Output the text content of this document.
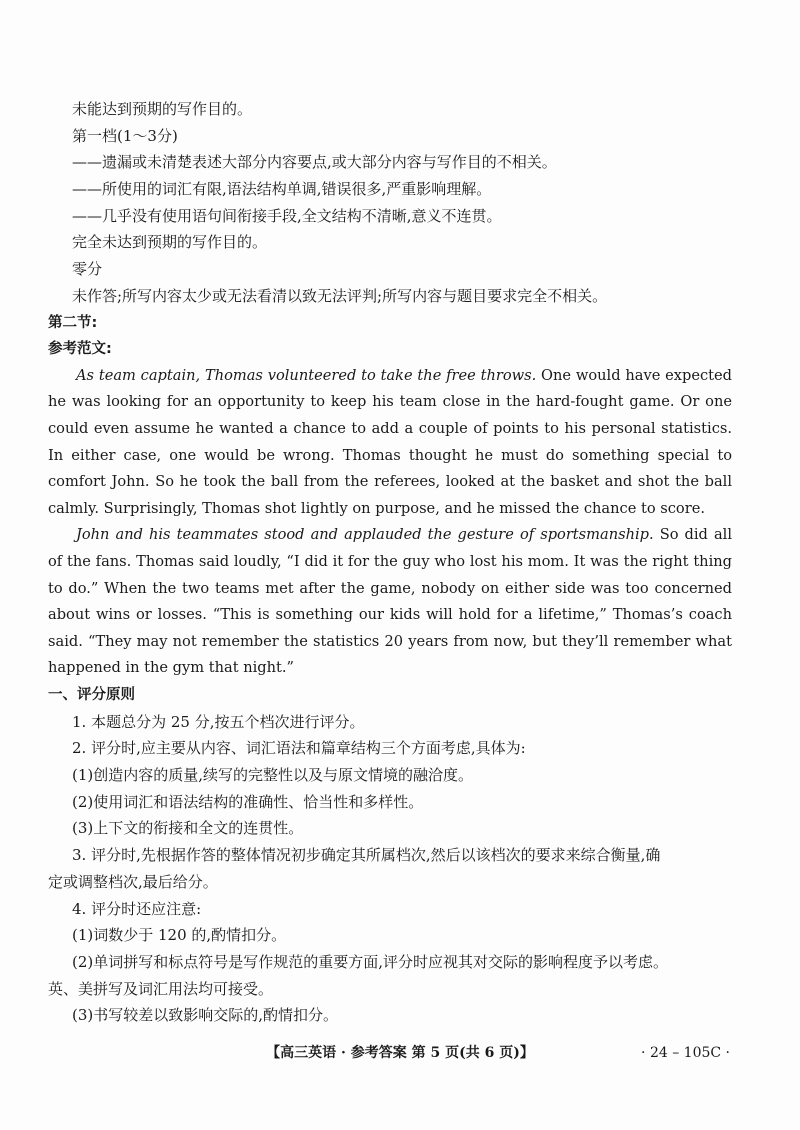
未能达到预期的写作目的。
第一档(1～3分)
——遗漏或未清楚表述大部分内容要点,或大部分内容与写作目的不相关。
——所使用的词汇有限,语法结构单调,错误很多,严重影响理解。
——几乎没有使用语句间衔接手段,全文结构不清晰,意义不连贯。
完全未达到预期的写作目的。
零分
未作答;所写内容太少或无法看清以致无法评判;所写内容与题目要求完全不相关。
第二节:
参考范文:

As team captain, Thomas volunteered to take the free throws. One would have expected he was looking for an opportunity to keep his team close in the hard-fought game. Or one could even assume he wanted a chance to add a couple of points to his personal statistics. In either case, one would be wrong. Thomas thought he must do something special to comfort John. So he took the ball from the referees, looked at the basket and shot the ball calmly. Surprisingly, Thomas shot lightly on purpose, and he missed the chance to score.

John and his teammates stood and applauded the gesture of sportsmanship. So did all of the fans. Thomas said loudly, “I did it for the guy who lost his mom. It was the right thing to do.” When the two teams met after the game, nobody on either side was too concerned about wins or losses. “This is something our kids will hold for a lifetime,” Thomas’s coach said. “They may not remember the statistics 20 years from now, but they’ll remember what happened in the gym that night.”

一、评分原则
1. 本题总分为 25 分,按五个档次进行评分。
2. 评分时,应主要从内容、词汇语法和篇章结构三个方面考虑,具体为:
(1)创造内容的质量,续写的完整性以及与原文情境的融洽度。
(2)使用词汇和语法结构的准确性、恰当性和多样性。
(3)上下文的衔接和全文的连贯性。
3. 评分时,先根据作答的整体情况初步确定其所属档次,然后以该档次的要求来综合衡量,确
定或调整档次,最后给分。
4. 评分时还应注意:
(1)词数少于 120 的,酌情扣分。
(2)单词拼写和标点符号是写作规范的重要方面,评分时应视其对交际的影响程度予以考虑。
英、美拼写及词汇用法均可接受。
(3)书写较差以致影响交际的,酌情扣分。
【高三英语 · 参考答案 第 5 页(共 6 页)】	· 24 – 105C ·
